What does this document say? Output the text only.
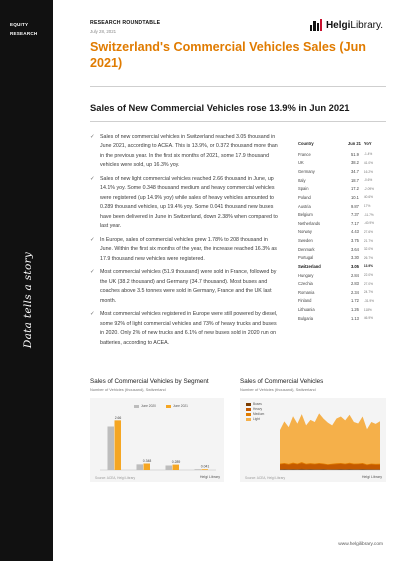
EQUITY
RESEARCH
Data tells a story
RESEARCH ROUNDTABLE
July 28, 2021
HelgiLibrary.
Switzerland's Commercial Vehicles Sales (Jun 2021)
Sales of New Commercial Vehicles rose 13.9% in Jun 2021
✓ Sales of new commercial vehicles in Switzerland reached 3.05 thousand in June 2021, according to ACEA. This is 13.9%, or 0.372 thousand more than in the previous year. In the first six months of 2021, some 17.9 thousand vehicles were sold, up 16.3% yoy.
✓ Sales of new light commercial vehicles reached 2.66 thousand in June, up 14.1% yoy. Some 0.348 thousand medium and heavy commercial vehicles were registered (up 14.9% yoy) while sales of heavy vehicles amounted to 0.289 thousand vehicles, up 19.4% yoy. Some 0.041 thousand new buses have been delivered in June in Switzerland, down 2.38% when compared to last year.
✓ In Europe, sales of commercial vehicles grew 1.78% to 208 thousand in June. Within the first six months of the year, the increase reached 16.3% as 17.9 thousand new vehicles were registered.
✓ Most commercial vehicles (51.9 thousand) were sold in France, followed by the UK (38.2 thousand) and Germany (34.7 thousand). Most buses and coaches above 3.5 tonnes were sold in Germany, France and the UK last month.
✓ Most commercial vehicles registered in Europe were still powered by diesel, some 92% of light commercial vehicles and 73% of heavy trucks and buses in 2020. Only 2% of new trucks and 6.1% of new buses sold in 2020 run on batteries, according to ACEA.
Country	Jun 21	YoY
France	51.9	-1.4%
UK	38.2	41.0%
Germany	34.7	16.2%
Italy	18.7	-0.6%
Spain	17.2	-2.09%
Poland	10.1	40.6%
Austria	9.87	17%
Belgium	7.37	-11.7%
Netherlands	7.17	-40.9%
Norway	4.43	27.6%
Sweden	3.75	21.7%
Denmark	3.64	32.0%
Portugal	3.30	26.7%
Switzerland	3.05	13.9%
Hungary	2.84	22.0%
Czechia	2.83	27.0%
Romania	2.34	24.7%
Finland	1.72	-31.9%
Lithuania	1.26	118%
Bulgaria	1.13	46.9%
Sales of Commercial Vehicles by Segment
Number of Vehicles (thousand), Switzerland
June 2020	June 2021
2.66
0.348	0.289
0.041
Source: ACEA, Helgi Library	Helgi Library
Sales of Commercial Vehicles
Number of Vehicles (thousand), Switzerland
Buses
Heavy
Medium
Light
Source: ACEA, Helgi Library	Helgi Library
www.helgilibrary.com
